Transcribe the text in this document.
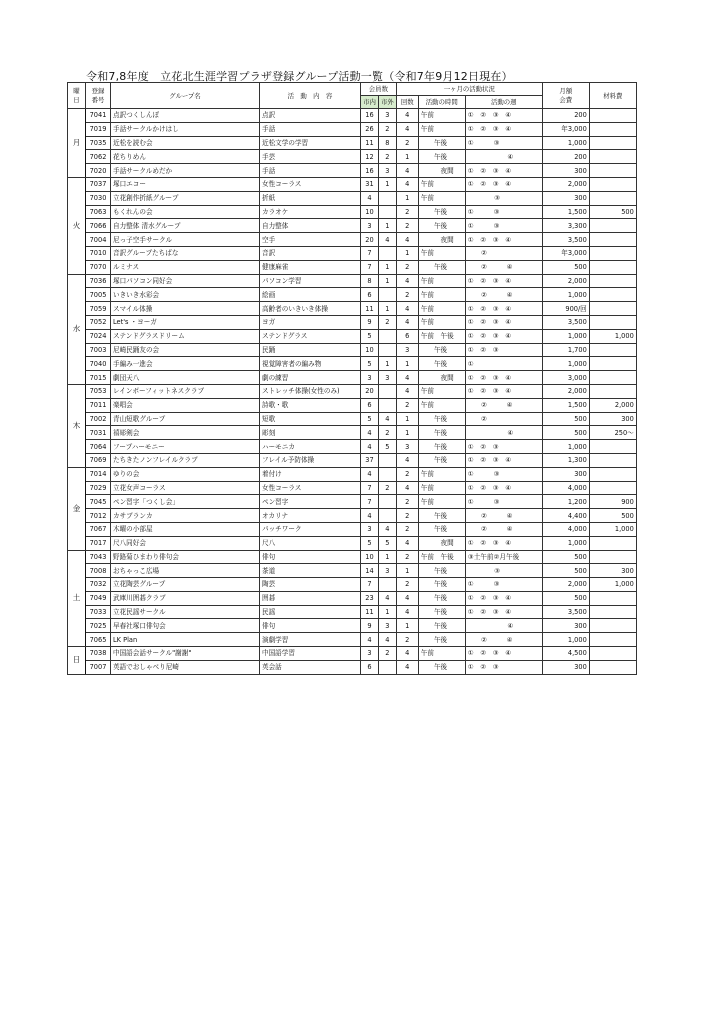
令和7,8年度　立花北生涯学習プラザ登録グループ活動一覧（令和7年9月12日現在）
曜
日	登録
番号	グループ名	活　動　内　容	会員数		一ヶ月の活動状況			月額
会費	材料費
				市内	市外	回数	活動の時間	活動の週		
月	7041	点訳つくしんぼ	点訳	16	3	4	午前	①　②　③　④	200	
	7019	手話サークルかけはし	手話	26	2	4	午前	①　②　③　④	年3,000	
	7035	近松を読む会	近松文学の学習	11	8	2	　　午後	①　　　③	1,000	
	7062	花ちりめん	手芸	12	2	1	　　午後	　　　　　　④	200	
	7020	手話サークルめだか	手話	16	3	4	　　　夜間	①　②　③　④	300	
火	7037	塚口エコー	女性コーラス	31	1	4	午前	①　②　③　④	2,000	
	7030	立花創作折紙グループ	折紙	4		1	午前	　　　　③	300	
	7063	もくれんの会	カラオケ	10		2	　　午後	①　　　③	1,500	500
	7066	自力整体 清水グループ	自力整体	3	1	2	　　午後	①　　　③	3,300	
	7004	尼っ子空手サークル	空手	20	4	4	　　　夜間	①　②　③　④	3,500	
	7010	音訳グループたちばな	音訳	7		1	午前	　　②	年3,000	
	7070	ルミナス	健康麻雀	7	1	2	　　午後	　　②　　　④	500	
水	7036	塚口パソコン同好会	パソコン学習	8	1	4	午前	①　②　③　④	2,000	
	7005	いきいき水彩会	絵画	6		2	午前	　　②　　　④	1,000	
	7059	スマイル体操	高齢者のいきいき体操	11	1	4	午前	①　②　③　④	900/回	
	7052	Let's ・ヨーガ	ヨガ	9	2	4	午前	①　②　③　④	3,500	
	7024	ステンドグラスドリーム	ステンドグラス	5		6	午前　午後	①　②　③　④	1,000	1,000
	7003	尼崎民踊友の会	民踊	10		3	　　午後	①　②　③	1,700	
	7040	手編み一進会	視覚障害者の編み物	5	1	1	　　午後	①	1,000	
	7015	劇団天八	劇の練習	3	3	4	　　　夜間	①　②　③　④	3,000	
木	7053	レインボーフィットネスクラブ	ストレッチ体操(女性のみ)	20		4	午前	①　②　③　④	2,000	
	7011	楽唱会	詩歌・歌	6		2	午前	　　②　　　④	1,500	2,000
	7002	青山短歌グループ	短歌	5	4	1	　　午後	　　②	500	300
	7031	禧彫剣会	彫刻	4	2	1	　　午後	　　　　　　④	500	250～
	7064	フープハーモニー	ハーモニカ	4	5	3	　　午後	①　②　③	1,000	
	7069	たちきたノンフレイルクラブ	フレイル予防体操	37		4	　　午後	①　②　③　④	1,300	
金	7014	ゆりの会	着付け	4		2	午前	①　　　③	300	
	7029	立花女声コーラス	女性コーラス	7	2	4	午前	①　②　③　④	4,000	
	7045	ペン習字「つくし会」	ペン習字	7		2	午前	①　　　③	1,200	900
	7012	カサブランカ	オカリナ	4		2	　　午後	　　②　　　④	4,400	500
	7067	木曜の小部屋	パッチワーク	3	4	2	　　午後	　　②　　　④	4,000	1,000
	7017	尺八同好会	尺八	5	5	4	　　　夜間	①　②　③　④	1,000	
土	7043	野路菊ひまわり俳句会	俳句	10	1	2	午前　午後	③土午前②月午後	500	
	7008	おちゃっこ広場	茶道	14	3	1	　　午後	　　　　③	500	300
	7032	立花陶芸グループ	陶芸	7		2	　　午後	①　　　③	2,000	1,000
	7049	武庫川囲碁クラブ	囲碁	23	4	4	　　午後	①　②　③　④	500	
	7033	立花民謡サークル	民謡	11	1	4	　　午後	①　②　③　④	3,500	
	7025	早春社塚口俳句会	俳句	9	3	1	　　午後	　　　　　　④	300	
	7065	LK Plan	演劇学習	4	4	2	　　午後	　　②　　　④	1,000	
日	7038	中国語会話サークル"謝謝"	中国語学習	3	2	4	午前	①　②　③　④	4,500	
	7007	英語でおしゃべり尼崎	英会話	6		4	　　午後	①　②　③	300	
